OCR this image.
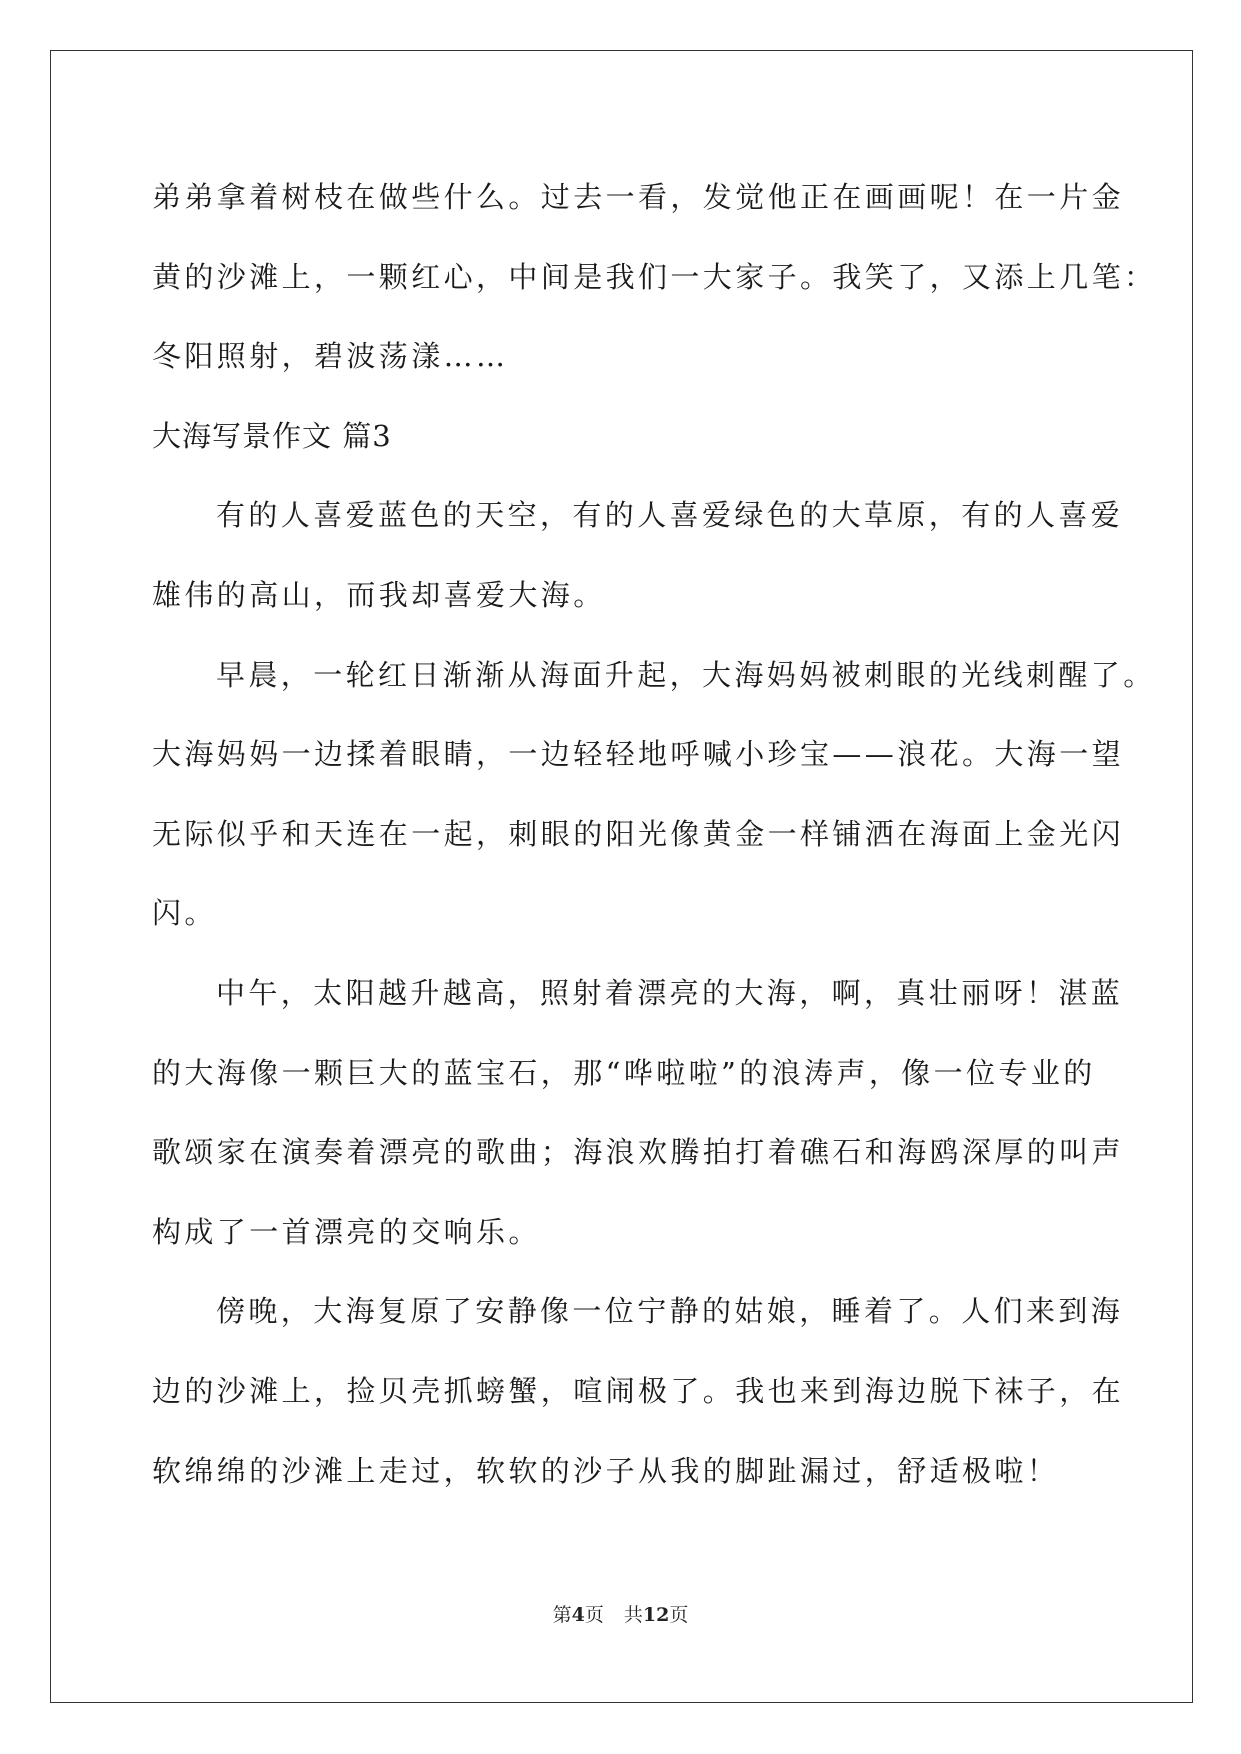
弟弟拿着树枝在做些什么。过去一看，发觉他正在画画呢！在一片金
黄的沙滩上，一颗红心，中间是我们一大家子。我笑了，又添上几笔：
冬阳照射，碧波荡漾……
大海写景作文 篇3
有的人喜爱蓝色的天空，有的人喜爱绿色的大草原，有的人喜爱
雄伟的高山，而我却喜爱大海。
早晨，一轮红日渐渐从海面升起，大海妈妈被刺眼的光线刺醒了。
大海妈妈一边揉着眼睛，一边轻轻地呼喊小珍宝——浪花。大海一望
无际似乎和天连在一起，刺眼的阳光像黄金一样铺洒在海面上金光闪
闪。
中午，太阳越升越高，照射着漂亮的大海，啊，真壮丽呀！湛蓝
的大海像一颗巨大的蓝宝石，那“哗啦啦”的浪涛声，像一位专业的
歌颂家在演奏着漂亮的歌曲；海浪欢腾拍打着礁石和海鸥深厚的叫声
构成了一首漂亮的交响乐。
傍晚，大海复原了安静像一位宁静的姑娘，睡着了。人们来到海
边的沙滩上，捡贝壳抓螃蟹，喧闹极了。我也来到海边脱下袜子，在
软绵绵的沙滩上走过，软软的沙子从我的脚趾漏过，舒适极啦！
第4页 共12页
